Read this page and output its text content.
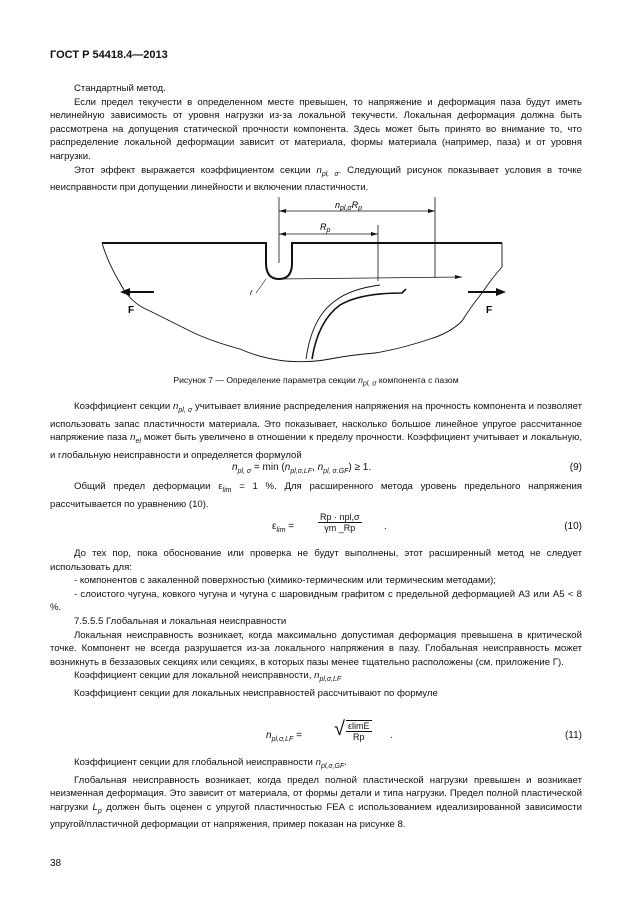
ГОСТ Р 54418.4—2013

Стандартный метод.

Если предел текучести в определенном месте превышен, то напряжение и деформация паза будут иметь нелинейную зависимость от уровня нагрузки из-за локальной текучести. Локальная деформация должна быть рассмотрена на допущения статической прочности компонента. Здесь может быть принято во внимание то, что распределение локальной деформации зависит от материала, формы материала (например, паза) и от уровня нагрузки.

Этот эффект выражается коэффициентом секции $n_{pl, \sigma}$. Следующий рисунок показывает условия в точке неисправности при допущении линейности и включении пластичности.

$n_{pl,\sigma}R_p$
$R_p$
r
F	F
Рисунок 7 — Определение параметра секции $n_{pl, \sigma}$ компонента с пазом

Коэффициент секции $n_{pl, \sigma}$ учитывает влияние распределения напряжения на прочность компонента и позволяет использовать запас пластичности материала. Это показывает, насколько большое линейное упругое рассчитанное напряжение паза $n_{el}$ может быть увеличено в отношении к пределу прочности. Коэффициент учитывает и локальную, и глобальную неисправности и определяется формулой

$n_{pl, \sigma} = \min (n_{pl,\sigma,LF}$, $n_{pl, \sigma.GF}) \ge 1$.	(9)

Общий предел деформации $\varepsilon_{lim} = 1$ %. Для расширенного метода уровень предельного напряжения рассчитывается по уравнению (10).

$\varepsilon_{lim}$ =
Rp · npl,σ
γm _Rp	.	(10)

До тех пор, пока обоснование или проверка не будут выполнены, этот расширенный метод не следует использовать для:

- компонентов с закаленной поверхностью (химико-термическим или термическим методами);

- слоистого чугуна, ковкого чугуна и чугуна с шаровидным графитом с предельной деформацией А3 или А5 < 8 %.

7.5.5.5 Глобальная и локальная неисправности

Локальная неисправность возникает, когда максимально допустимая деформация превышена в критической точке. Компонент не всегда разрушается из-за локального напряжения в пазу. Глобальная неисправность может возникнуть в беззазовых секциях или секциях, в которых пазы менее тщательно расположены (см. приложение Г).

Коэффициент секции для локальной неисправности, $n_{pl,\sigma,LF}$

Коэффициент секции для локальных неисправностей рассчитывают по формуле

$n_{pl,\sigma,LF}$ = √ $\frac{\varepsilon\lim E}{Rp}$ .	(11)

Коэффициент секции для глобальной неисправности $n_{pl,\sigma,GF}$.

Глобальная неисправность возникает, когда предел полной пластической нагрузки превышен и возникает неизменная деформация. Это зависит от материала, от формы детали и типа нагрузки. Предел полной пластической нагрузки $L_p$ должен быть оценен с упругой пластичностью FEA с использованием идеализированной зависимости упругой/пластичной деформации от напряжения, пример показан на рисунке 8.

38
